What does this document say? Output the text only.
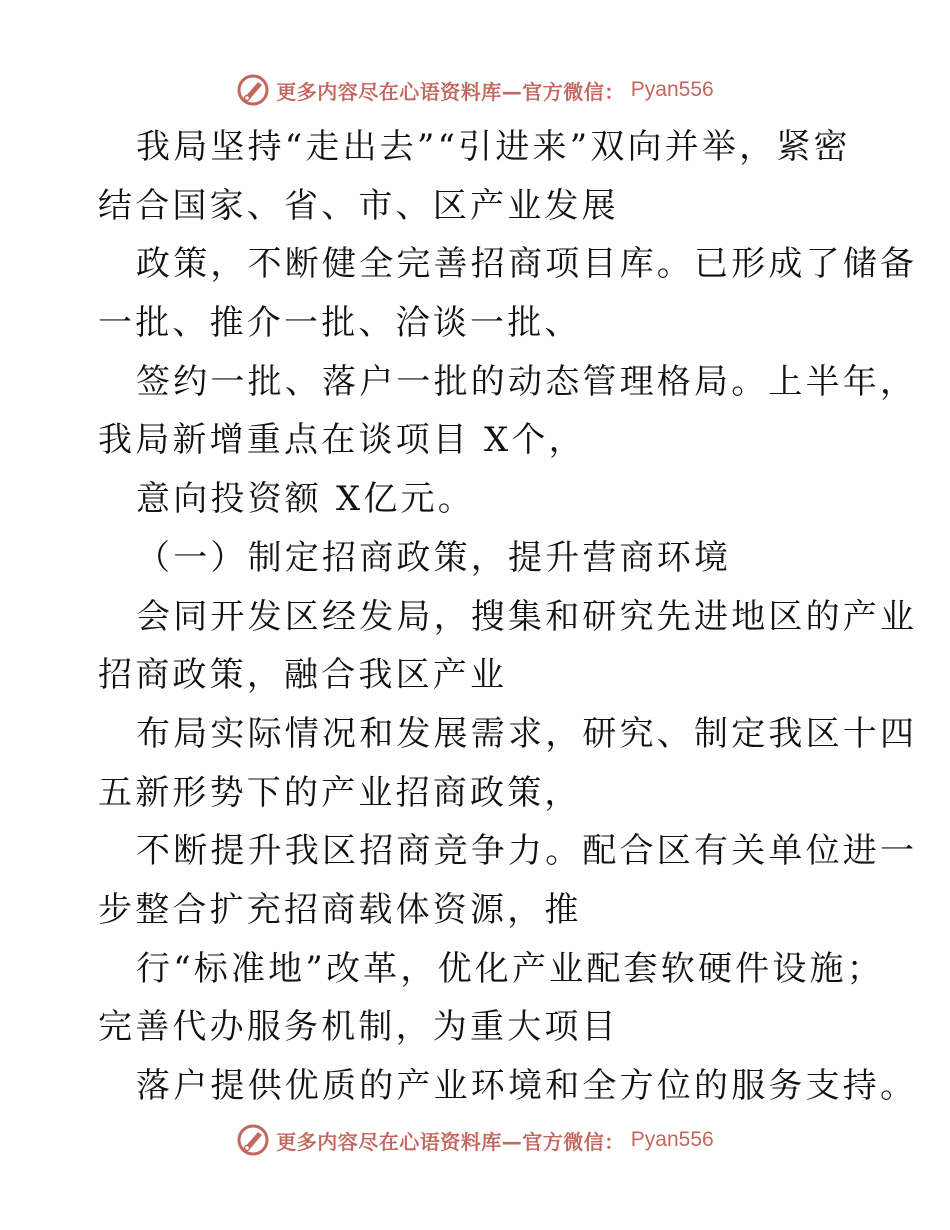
更多内容尽在心语资料库—官方微信： Pyan556
我局坚持“走出去”“引进来”双向并举，紧密
结合国家、省、市、区产业发展
政策，不断健全完善招商项目库。已形成了储备
一批、推介一批、洽谈一批、
签约一批、落户一批的动态管理格局。上半年，
我局新增重点在谈项目 X个，
意向投资额 X亿元。
（一）制定招商政策，提升营商环境
会同开发区经发局，搜集和研究先进地区的产业
招商政策，融合我区产业
布局实际情况和发展需求，研究、制定我区十四
五新形势下的产业招商政策，
不断提升我区招商竞争力。配合区有关单位进一
步整合扩充招商载体资源，推
行“标准地”改革，优化产业配套软硬件设施；
完善代办服务机制，为重大项目
落户提供优质的产业环境和全方位的服务支持。
更多内容尽在心语资料库—官方微信： Pyan556
